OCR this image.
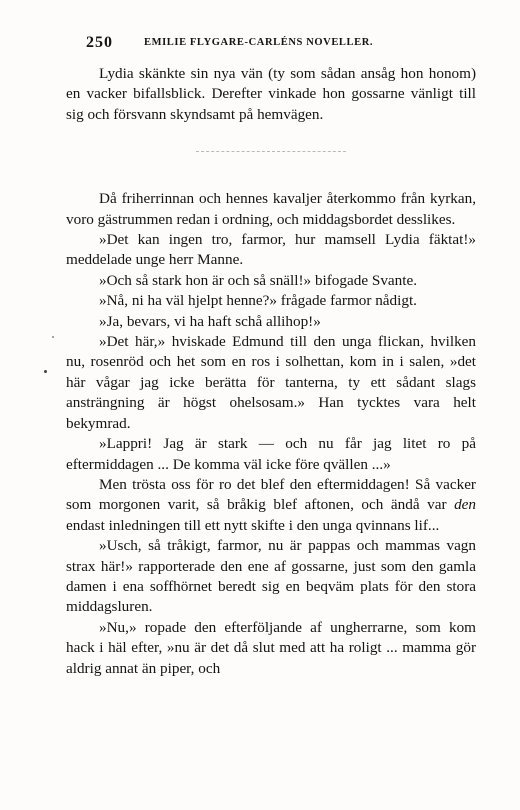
250	EMILIE FLYGARE-CARLÉNS NOVELLER.

Lydia skänkte sin nya vän (ty som sådan ansåg hon honom) en vacker bifallsblick. Derefter vinkade hon gossarne vänligt till sig och försvann skyndsamt på hemvägen.

Då friherrinnan och hennes kavaljer återkommo från kyrkan, voro gästrummen redan i ordning, och middagsbordet desslikes.

»Det kan ingen tro, farmor, hur mamsell Lydia fäktat!» meddelade unge herr Manne.

»Och så stark hon är och så snäll!» bifogade Svante.

»Nå, ni ha väl hjelpt henne?» frågade farmor nådigt.

»Ja, bevars, vi ha haft schå allihop!»

»Det här,» hviskade Edmund till den unga flickan, hvilken nu, rosenröd och het som en ros i solhettan, kom in i salen, »det här vågar jag icke berätta för tanterna, ty ett sådant slags ansträngning är högst ohelsosam.» Han tycktes vara helt bekymrad.

»Lappri! Jag är stark — och nu får jag litet ro på eftermiddagen ... De komma väl icke före qvällen ...»

Men trösta oss för ro det blef den eftermiddagen! Så vacker som morgonen varit, så bråkig blef aftonen, och ändå var den endast inledningen till ett nytt skifte i den unga qvinnans lif...

»Usch, så tråkigt, farmor, nu är pappas och mammas vagn strax här!» rapporterade den ene af gossarne, just som den gamla damen i ena soffhörnet beredt sig en beqväm plats för den stora middagsluren.

»Nu,» ropade den efterföljande af ungherrarne, som kom hack i häl efter, »nu är det då slut med att ha roligt ... mamma gör aldrig annat än piper, och
